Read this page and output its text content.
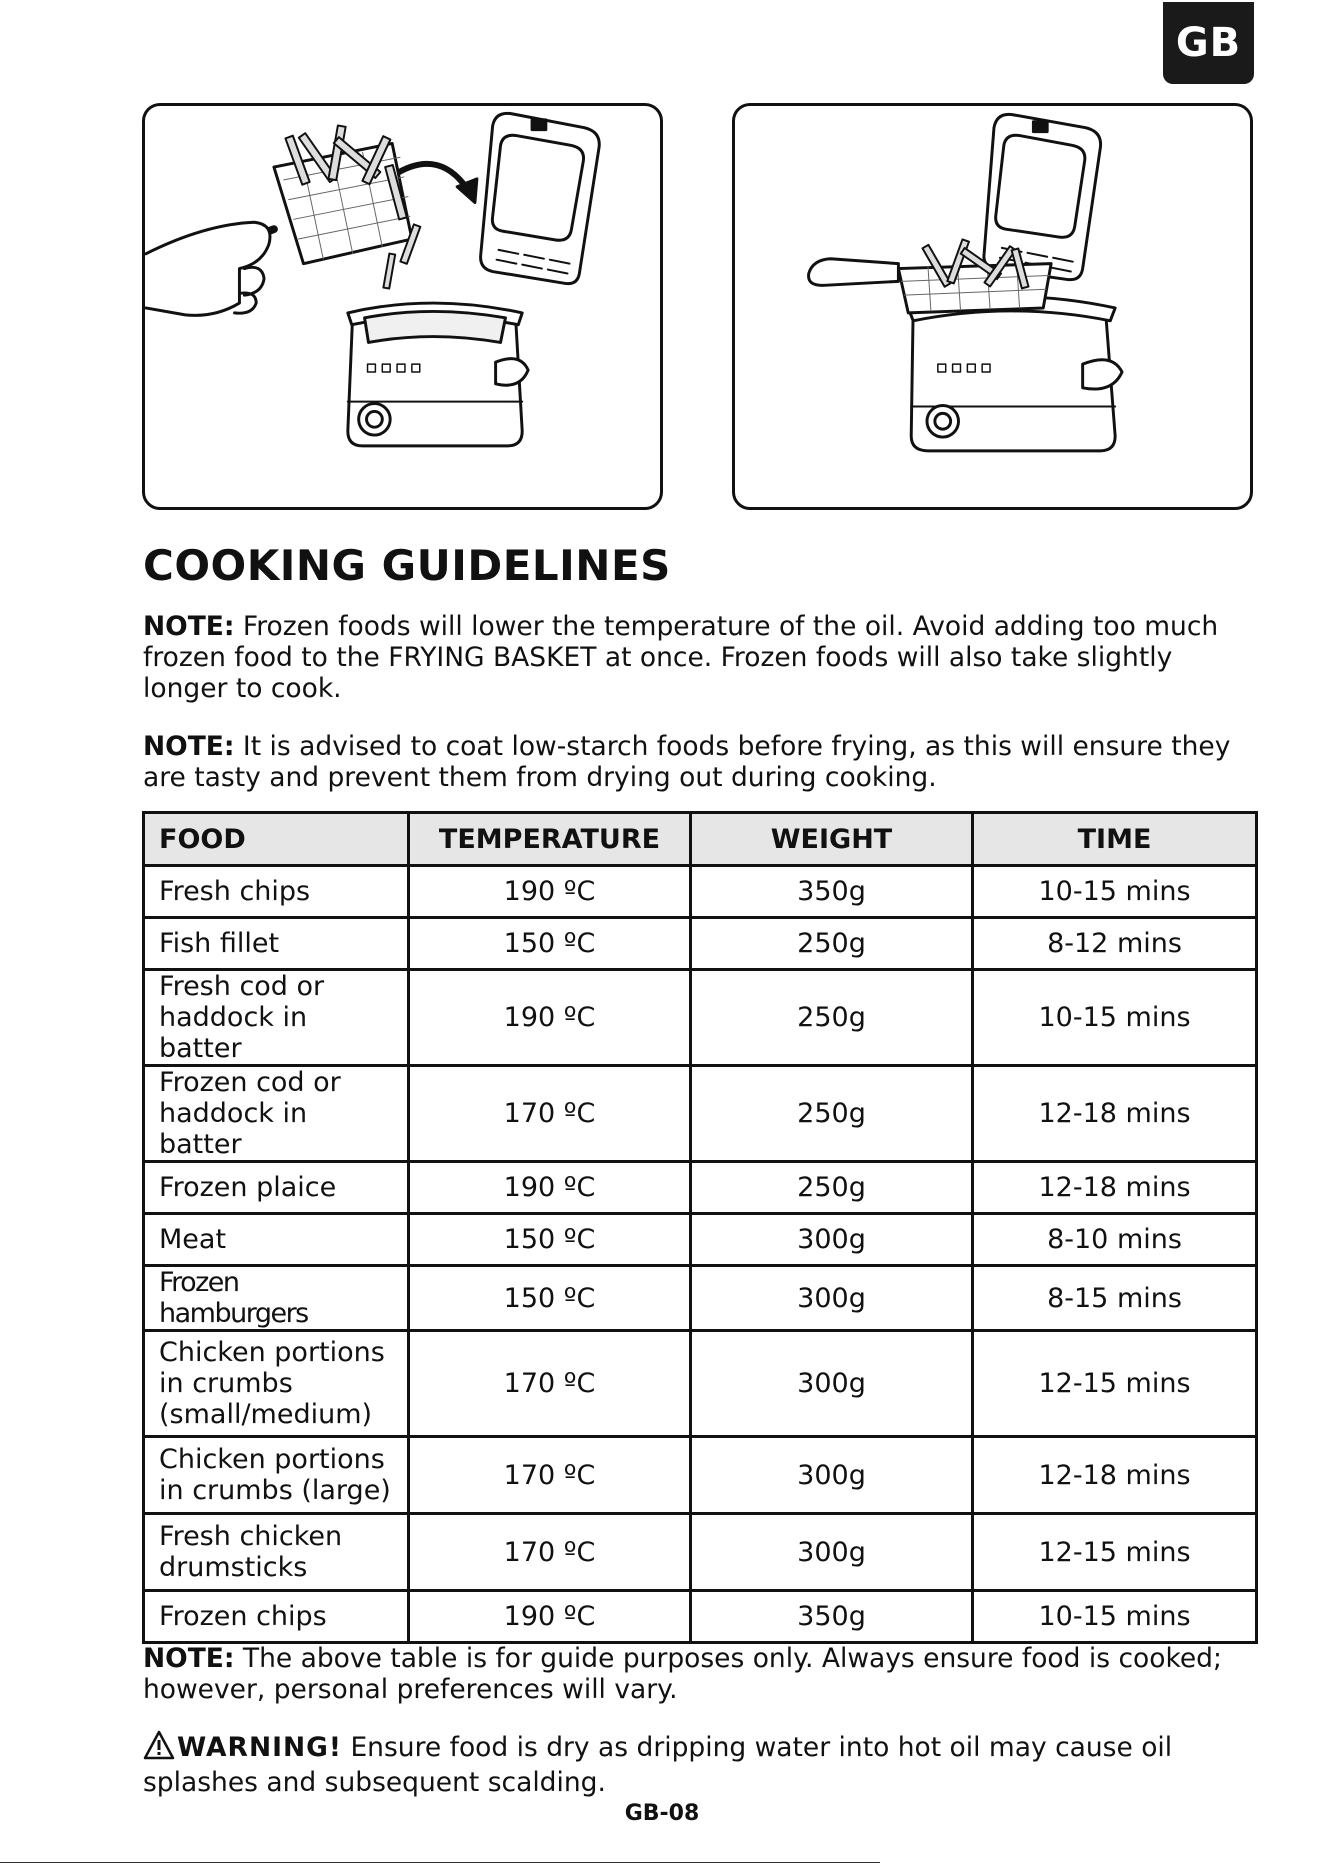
GB
COOKING GUIDELINES

NOTE: Frozen foods will lower the temperature of the oil. Avoid adding too much frozen food to the FRYING BASKET at once. Frozen foods will also take slightly longer to cook.

NOTE: It is advised to coat low-starch foods before frying, as this will ensure they are tasty and prevent them from drying out during cooking.

FOOD	TEMPERATURE	WEIGHT	TIME
Fresh chips	190 ºC	350g	10-15 mins
Fish fillet	150 ºC	250g	8-12 mins
Fresh cod or haddock in batter	190 ºC	250g	10-15 mins
Frozen cod or haddock in batter	170 ºC	250g	12-18 mins
Frozen plaice	190 ºC	250g	12-18 mins
Meat	150 ºC	300g	8-10 mins
Frozen hamburgers	150 ºC	300g	8-15 mins
Chicken portions in crumbs (small/medium)	170 ºC	300g	12-15 mins
Chicken portions in crumbs (large)	170 ºC	300g	12-18 mins
Fresh chicken drumsticks	170 ºC	300g	12-15 mins
Frozen chips	190 ºC	350g	10-15 mins

NOTE: The above table is for guide purposes only. Always ensure food is cooked; however, personal preferences will vary.

WARNING! Ensure food is dry as dripping water into hot oil may cause oil splashes and subsequent scalding.

GB-08
